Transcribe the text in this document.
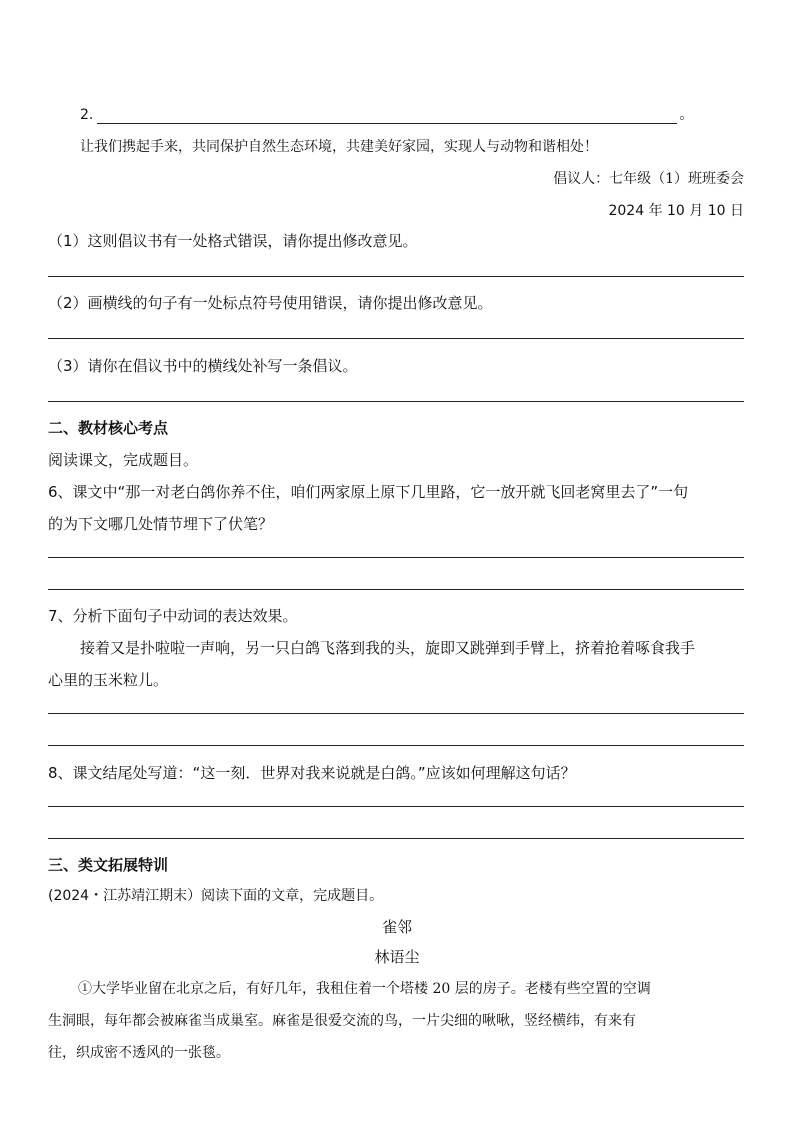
2.	。
让我们携起手来，共同保护自然生态环境，共建美好家园，实现人与动物和谐相处！
倡议人：七年级（1）班班委会
2024 年 10 月 10 日
（1）这则倡议书有一处格式错误，请你提出修改意见。
（2）画横线的句子有一处标点符号使用错误，请你提出修改意见。
（3）请你在倡议书中的横线处补写一条倡议。
二、教材核心考点
阅读课文，完成题目。
6、课文中“那一对老白鸽你养不住，咱们两家原上原下几里路，它一放开就飞回老窝里去了”一句
的为下文哪几处情节埋下了伏笔？
7、分析下面句子中动词的表达效果。
接着又是扑啦啦一声响，另一只白鸽飞落到我的头，旋即又跳弹到手臂上，挤着抢着啄食我手
心里的玉米粒儿。
8、课文结尾处写道：“这一刻．世界对我来说就是白鸽。”应该如何理解这句话？
三、类文拓展特训
(2024・江苏靖江期末）阅读下面的文章，完成题目。
雀邻
林语尘
①大学毕业留在北京之后，有好几年，我租住着一个塔楼 20 层的房子。老楼有些空置的空调
生洞眼，每年都会被麻雀当成巢室。麻雀是很爱交流的鸟，一片尖细的啾啾，竖经横纬，有来有
往，织成密不透风的一张毯。
